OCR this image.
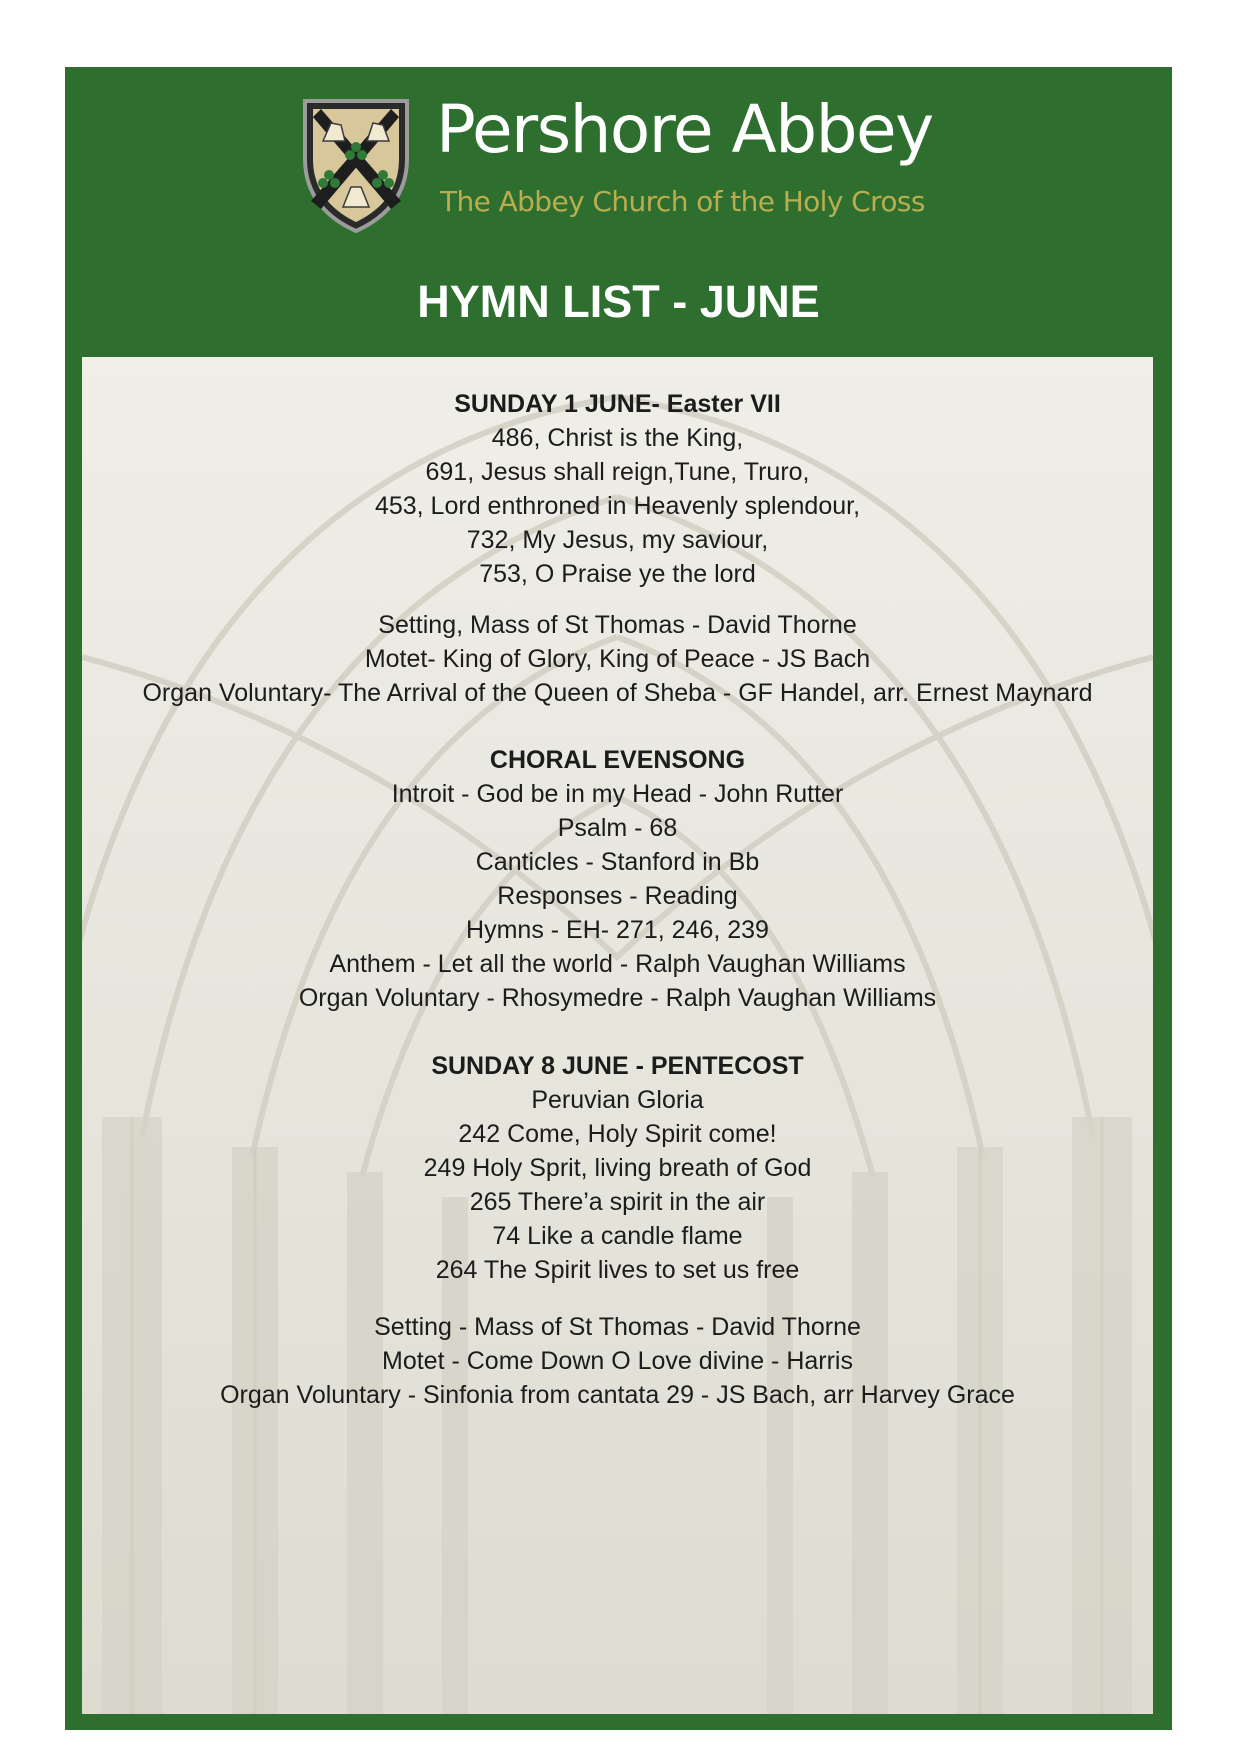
Pershore Abbey
The Abbey Church of the Holy Cross
HYMN LIST - JUNE
SUNDAY 1 JUNE- Easter VII
486, Christ is the King,
691, Jesus shall reign,Tune, Truro,
453, Lord enthroned in Heavenly splendour,
732, My Jesus, my saviour,
753, O Praise ye the lord
Setting, Mass of St Thomas - David Thorne
Motet- King of Glory, King of Peace - JS Bach
Organ Voluntary- The Arrival of the Queen of Sheba - GF Handel, arr. Ernest Maynard
CHORAL EVENSONG
Introit - God be in my Head - John Rutter
Psalm - 68
Canticles - Stanford in Bb
Responses - Reading
Hymns - EH- 271, 246, 239
Anthem - Let all the world - Ralph Vaughan Williams
Organ Voluntary - Rhosymedre - Ralph Vaughan Williams
SUNDAY 8 JUNE - PENTECOST
Peruvian Gloria
242 Come, Holy Spirit come!
249 Holy Sprit, living breath of God
265 There’a spirit in the air
74 Like a candle flame
264 The Spirit lives to set us free
Setting - Mass of St Thomas - David Thorne
Motet - Come Down O Love divine - Harris
Organ Voluntary - Sinfonia from cantata 29 - JS Bach, arr Harvey Grace
